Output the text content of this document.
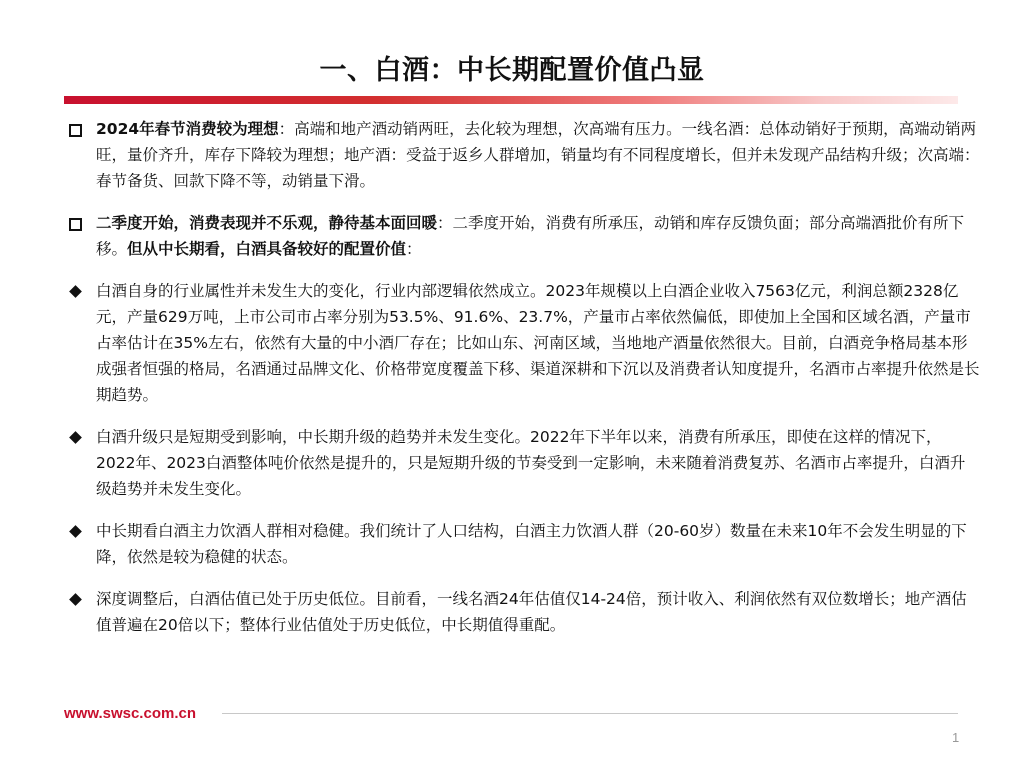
一、白酒：中长期配置价值凸显
2024年春节消费较为理想：高端和地产酒动销两旺，去化较为理想，次高端有压力。一线名酒：总体动销好于预期，高端动销两旺，量价齐升，库存下降较为理想；地产酒：受益于返乡人群增加，销量均有不同程度增长，但并未发现产品结构升级；次高端：春节备货、回款下降不等，动销量下滑。
二季度开始，消费表现并不乐观，静待基本面回暖：二季度开始，消费有所承压，动销和库存反馈负面；部分高端酒批价有所下移。但从中长期看，白酒具备较好的配置价值：
白酒自身的行业属性并未发生大的变化，行业内部逻辑依然成立。2023年规模以上白酒企业收入7563亿元，利润总额2328亿元，产量629万吨，上市公司市占率分别为53.5%、91.6%、23.7%，产量市占率依然偏低，即使加上全国和区域名酒，产量市占率估计在35%左右，依然有大量的中小酒厂存在；比如山东、河南区域，当地地产酒量依然很大。目前，白酒竞争格局基本形成强者恒强的格局，名酒通过品牌文化、价格带宽度覆盖下移、渠道深耕和下沉以及消费者认知度提升，名酒市占率提升依然是长期趋势。
白酒升级只是短期受到影响，中长期升级的趋势并未发生变化。2022年下半年以来，消费有所承压，即使在这样的情况下，2022年、2023白酒整体吨价依然是提升的，只是短期升级的节奏受到一定影响，未来随着消费复苏、名酒市占率提升，白酒升级趋势并未发生变化。
中长期看白酒主力饮酒人群相对稳健。我们统计了人口结构，白酒主力饮酒人群（20-60岁）数量在未来10年不会发生明显的下降，依然是较为稳健的状态。
深度调整后，白酒估值已处于历史低位。目前看，一线名酒24年估值仅14-24倍，预计收入、利润依然有双位数增长；地产酒估值普遍在20倍以下；整体行业估值处于历史低位，中长期值得重配。
www.swsc.com.cn
1
